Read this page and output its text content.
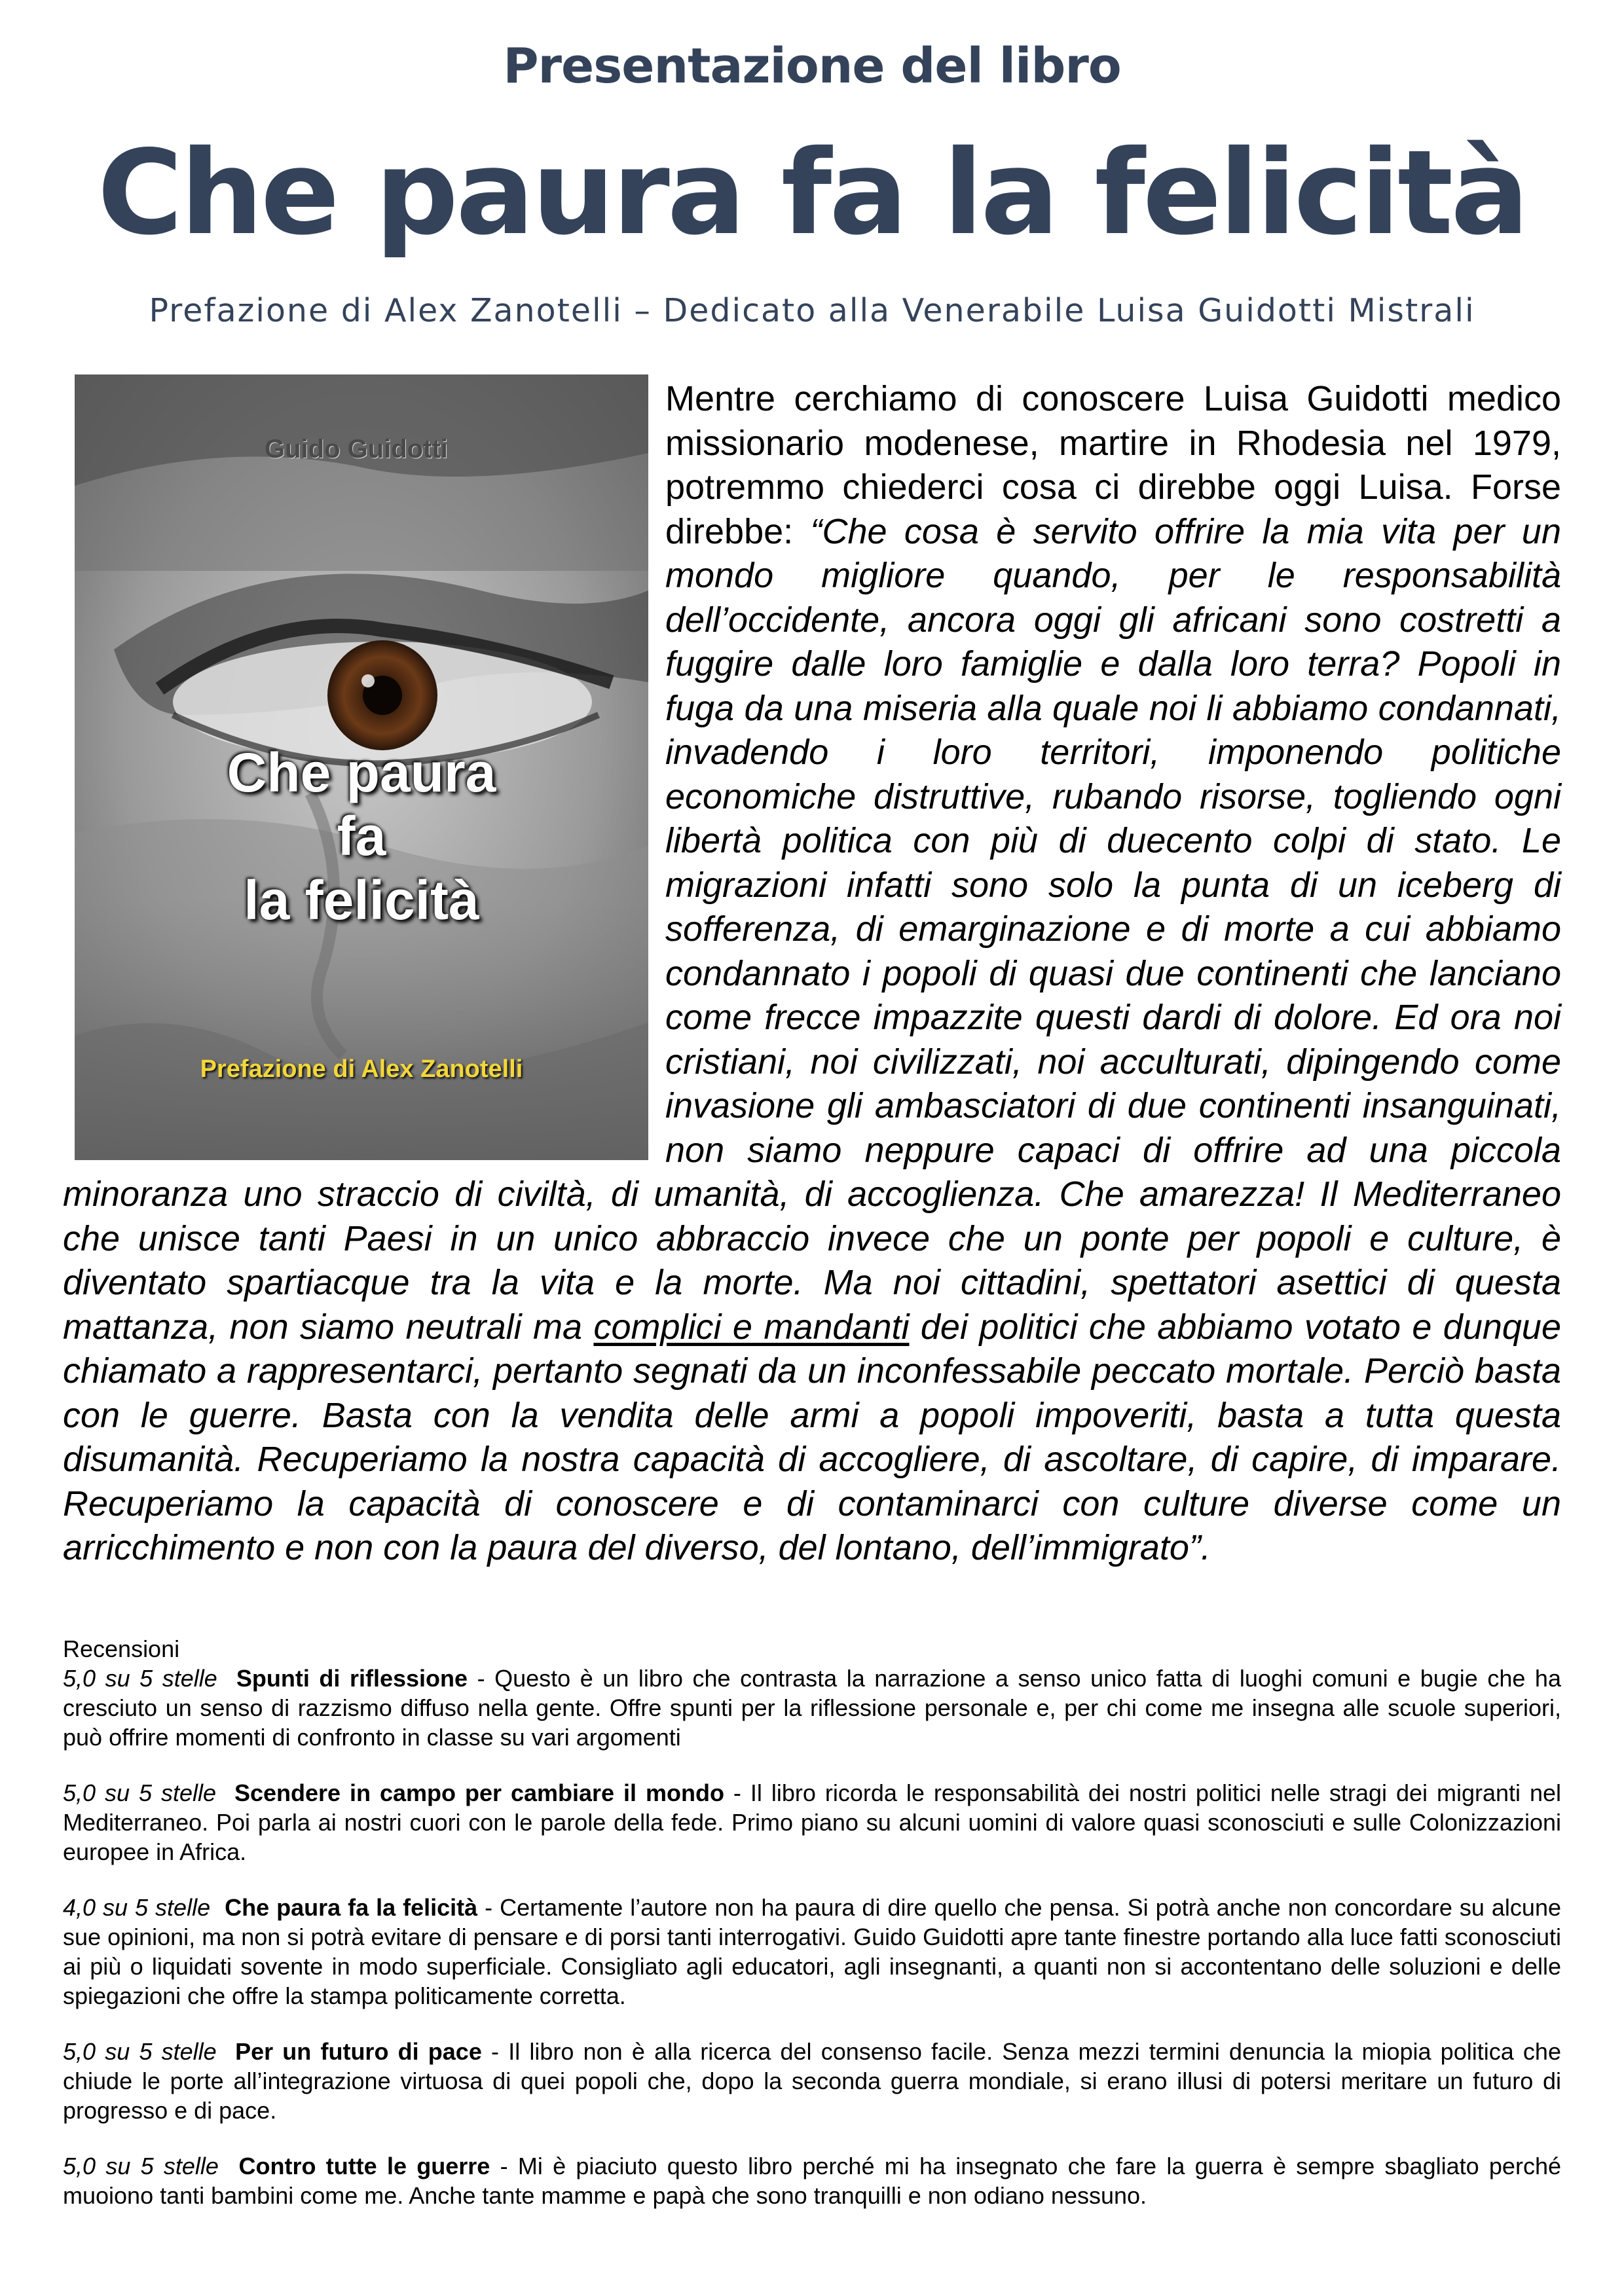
Presentazione del libro
Che paura fa la felicità
Prefazione di Alex Zanotelli – Dedicato alla Venerabile Luisa Guidotti Mistrali
Mentre cerchiamo di conoscere Luisa Guidotti medico missionario modenese, martire in Rhodesia nel 1979, potremmo chiederci cosa ci direbbe oggi Luisa. Forse direbbe: “Che cosa è servito offrire la mia vita per un mondo migliore quando, per le responsabilità dell’occidente, ancora oggi gli africani sono costretti a fuggire dalle loro famiglie e dalla loro terra? Popoli in fuga da una miseria alla quale noi li abbiamo condannati, invadendo i loro territori, imponendo politiche economiche distruttive, rubando risorse, togliendo ogni libertà politica con più di duecento colpi di stato. Le migrazioni infatti sono solo la punta di un iceberg di sofferenza, di emarginazione e di morte a cui abbiamo condannato i popoli di quasi due continenti che lanciano come frecce impazzite questi dardi di dolore. Ed ora noi cristiani, noi civilizzati, noi acculturati, dipingendo come invasione gli ambasciatori di due continenti insanguinati, non siamo neppure capaci di offrire ad una piccola minoranza uno straccio di civiltà, di umanità, di accoglienza. Che amarezza! Il Mediterraneo che unisce tanti Paesi in un unico abbraccio invece che un ponte per popoli e culture, è diventato spartiacque tra la vita e la morte. Ma noi cittadini, spettatori asettici di questa mattanza, non siamo neutrali ma complici e mandanti dei politici che abbiamo votato e dunque chiamato a rappresentarci, pertanto segnati da un inconfessabile peccato mortale. Perciò basta con le guerre. Basta con la vendita delle armi a popoli impoveriti, basta a tutta questa disumanità. Recuperiamo la nostra capacità di accogliere, di ascoltare, di capire, di imparare. Recuperiamo la capacità di conoscere e di contaminarci con culture diverse come un arricchimento e non con la paura del diverso, del lontano, dell’immigrato”.
Guido Guidotti
Che paura
fa
la felicità
Prefazione di Alex Zanotelli
Recensioni
5,0 su 5 stelle Spunti di riflessione - Questo è un libro che contrasta la narrazione a senso unico fatta di luoghi comuni e bugie che ha cresciuto un senso di razzismo diffuso nella gente. Offre spunti per la riflessione personale e, per chi come me insegna alle scuole superiori, può offrire momenti di confronto in classe su vari argomenti
5,0 su 5 stelle Scendere in campo per cambiare il mondo - Il libro ricorda le responsabilità dei nostri politici nelle stragi dei migranti nel Mediterraneo. Poi parla ai nostri cuori con le parole della fede. Primo piano su alcuni uomini di valore quasi sconosciuti e sulle Colonizzazioni europee in Africa.
4,0 su 5 stelle Che paura fa la felicità - Certamente l’autore non ha paura di dire quello che pensa. Si potrà anche non concordare su alcune sue opinioni, ma non si potrà evitare di pensare e di porsi tanti interrogativi. Guido Guidotti apre tante finestre portando alla luce fatti sconosciuti ai più o liquidati sovente in modo superficiale. Consigliato agli educatori, agli insegnanti, a quanti non si accontentano delle soluzioni e delle spiegazioni che offre la stampa politicamente corretta.
5,0 su 5 stelle Per un futuro di pace - Il libro non è alla ricerca del consenso facile. Senza mezzi termini denuncia la miopia politica che chiude le porte all’integrazione virtuosa di quei popoli che, dopo la seconda guerra mondiale, si erano illusi di potersi meritare un futuro di progresso e di pace.
5,0 su 5 stelle Contro tutte le guerre - Mi è piaciuto questo libro perché mi ha insegnato che fare la guerra è sempre sbagliato perché muoiono tanti bambini come me. Anche tante mamme e papà che sono tranquilli e non odiano nessuno.
